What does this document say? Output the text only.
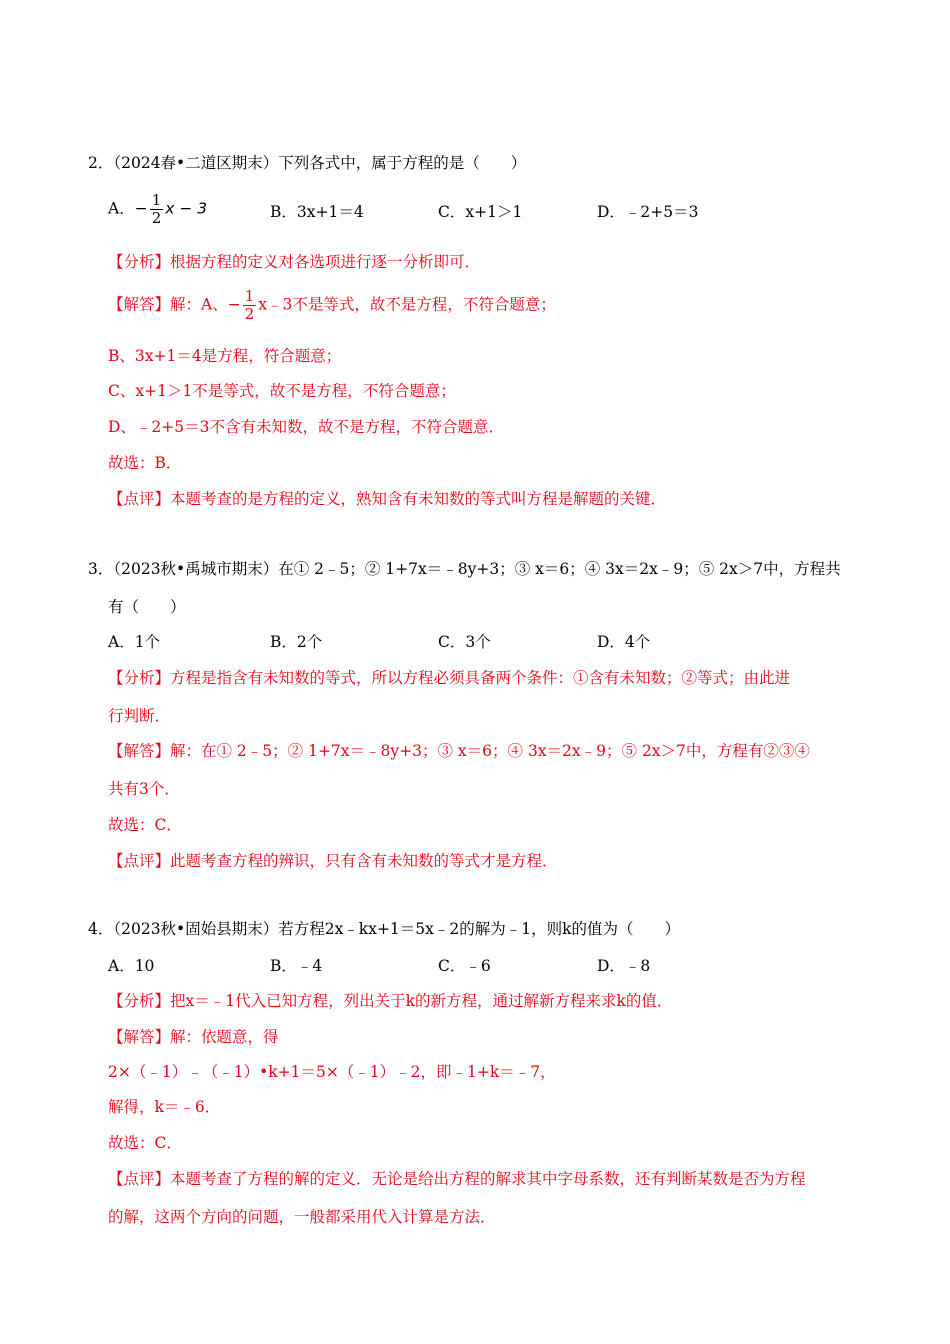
2．（2024春•二道区期末）下列各式中，属于方程的是（　　）
A．− $\frac{1}{2}$ x − 3	B．3x+1＝4	C．x+1＞1	D．﹣2+5＝3
【分析】根据方程的定义对各选项进行逐一分析即可．
【解答】解：A、− $\frac{1}{2}$ x﹣3不是等式，故不是方程，不符合题意；
B、3x+1＝4是方程，符合题意；
C、x+1＞1不是等式，故不是方程，不符合题意；
D、﹣2+5＝3不含有未知数，故不是方程，不符合题意．
故选：B．
【点评】本题考查的是方程的定义，熟知含有未知数的等式叫方程是解题的关键．
3．（2023秋•禹城市期末）在① 2﹣5；② 1+7x＝﹣8y+3；③ x＝6；④ 3x＝2x﹣9；⑤ 2x＞7中，方程共
有（　　）
A．1个	B．2个	C．3个	D．4个
【分析】方程是指含有未知数的等式，所以方程必须具备两个条件：①含有未知数；②等式；由此进
行判断．
【解答】解：在① 2﹣5；② 1+7x＝﹣8y+3；③ x＝6；④ 3x＝2x﹣9；⑤ 2x＞7中，方程有②③④
共有3个．
故选：C．
【点评】此题考查方程的辨识，只有含有未知数的等式才是方程．
4．（2023秋•固始县期末）若方程2x﹣kx+1＝5x﹣2的解为﹣1，则k的值为（　　）
A．10	B．﹣4	C．﹣6	D．﹣8
【分析】把x＝﹣1代入已知方程，列出关于k的新方程，通过解新方程来求k的值．
【解答】解：依题意，得
2×（﹣1）﹣（﹣1）•k+1＝5×（﹣1）﹣2，即﹣1+k＝﹣7，
解得，k＝﹣6．
故选：C．
【点评】本题考查了方程的解的定义．无论是给出方程的解求其中字母系数，还有判断某数是否为方程
的解，这两个方向的问题，一般都采用代入计算是方法．
